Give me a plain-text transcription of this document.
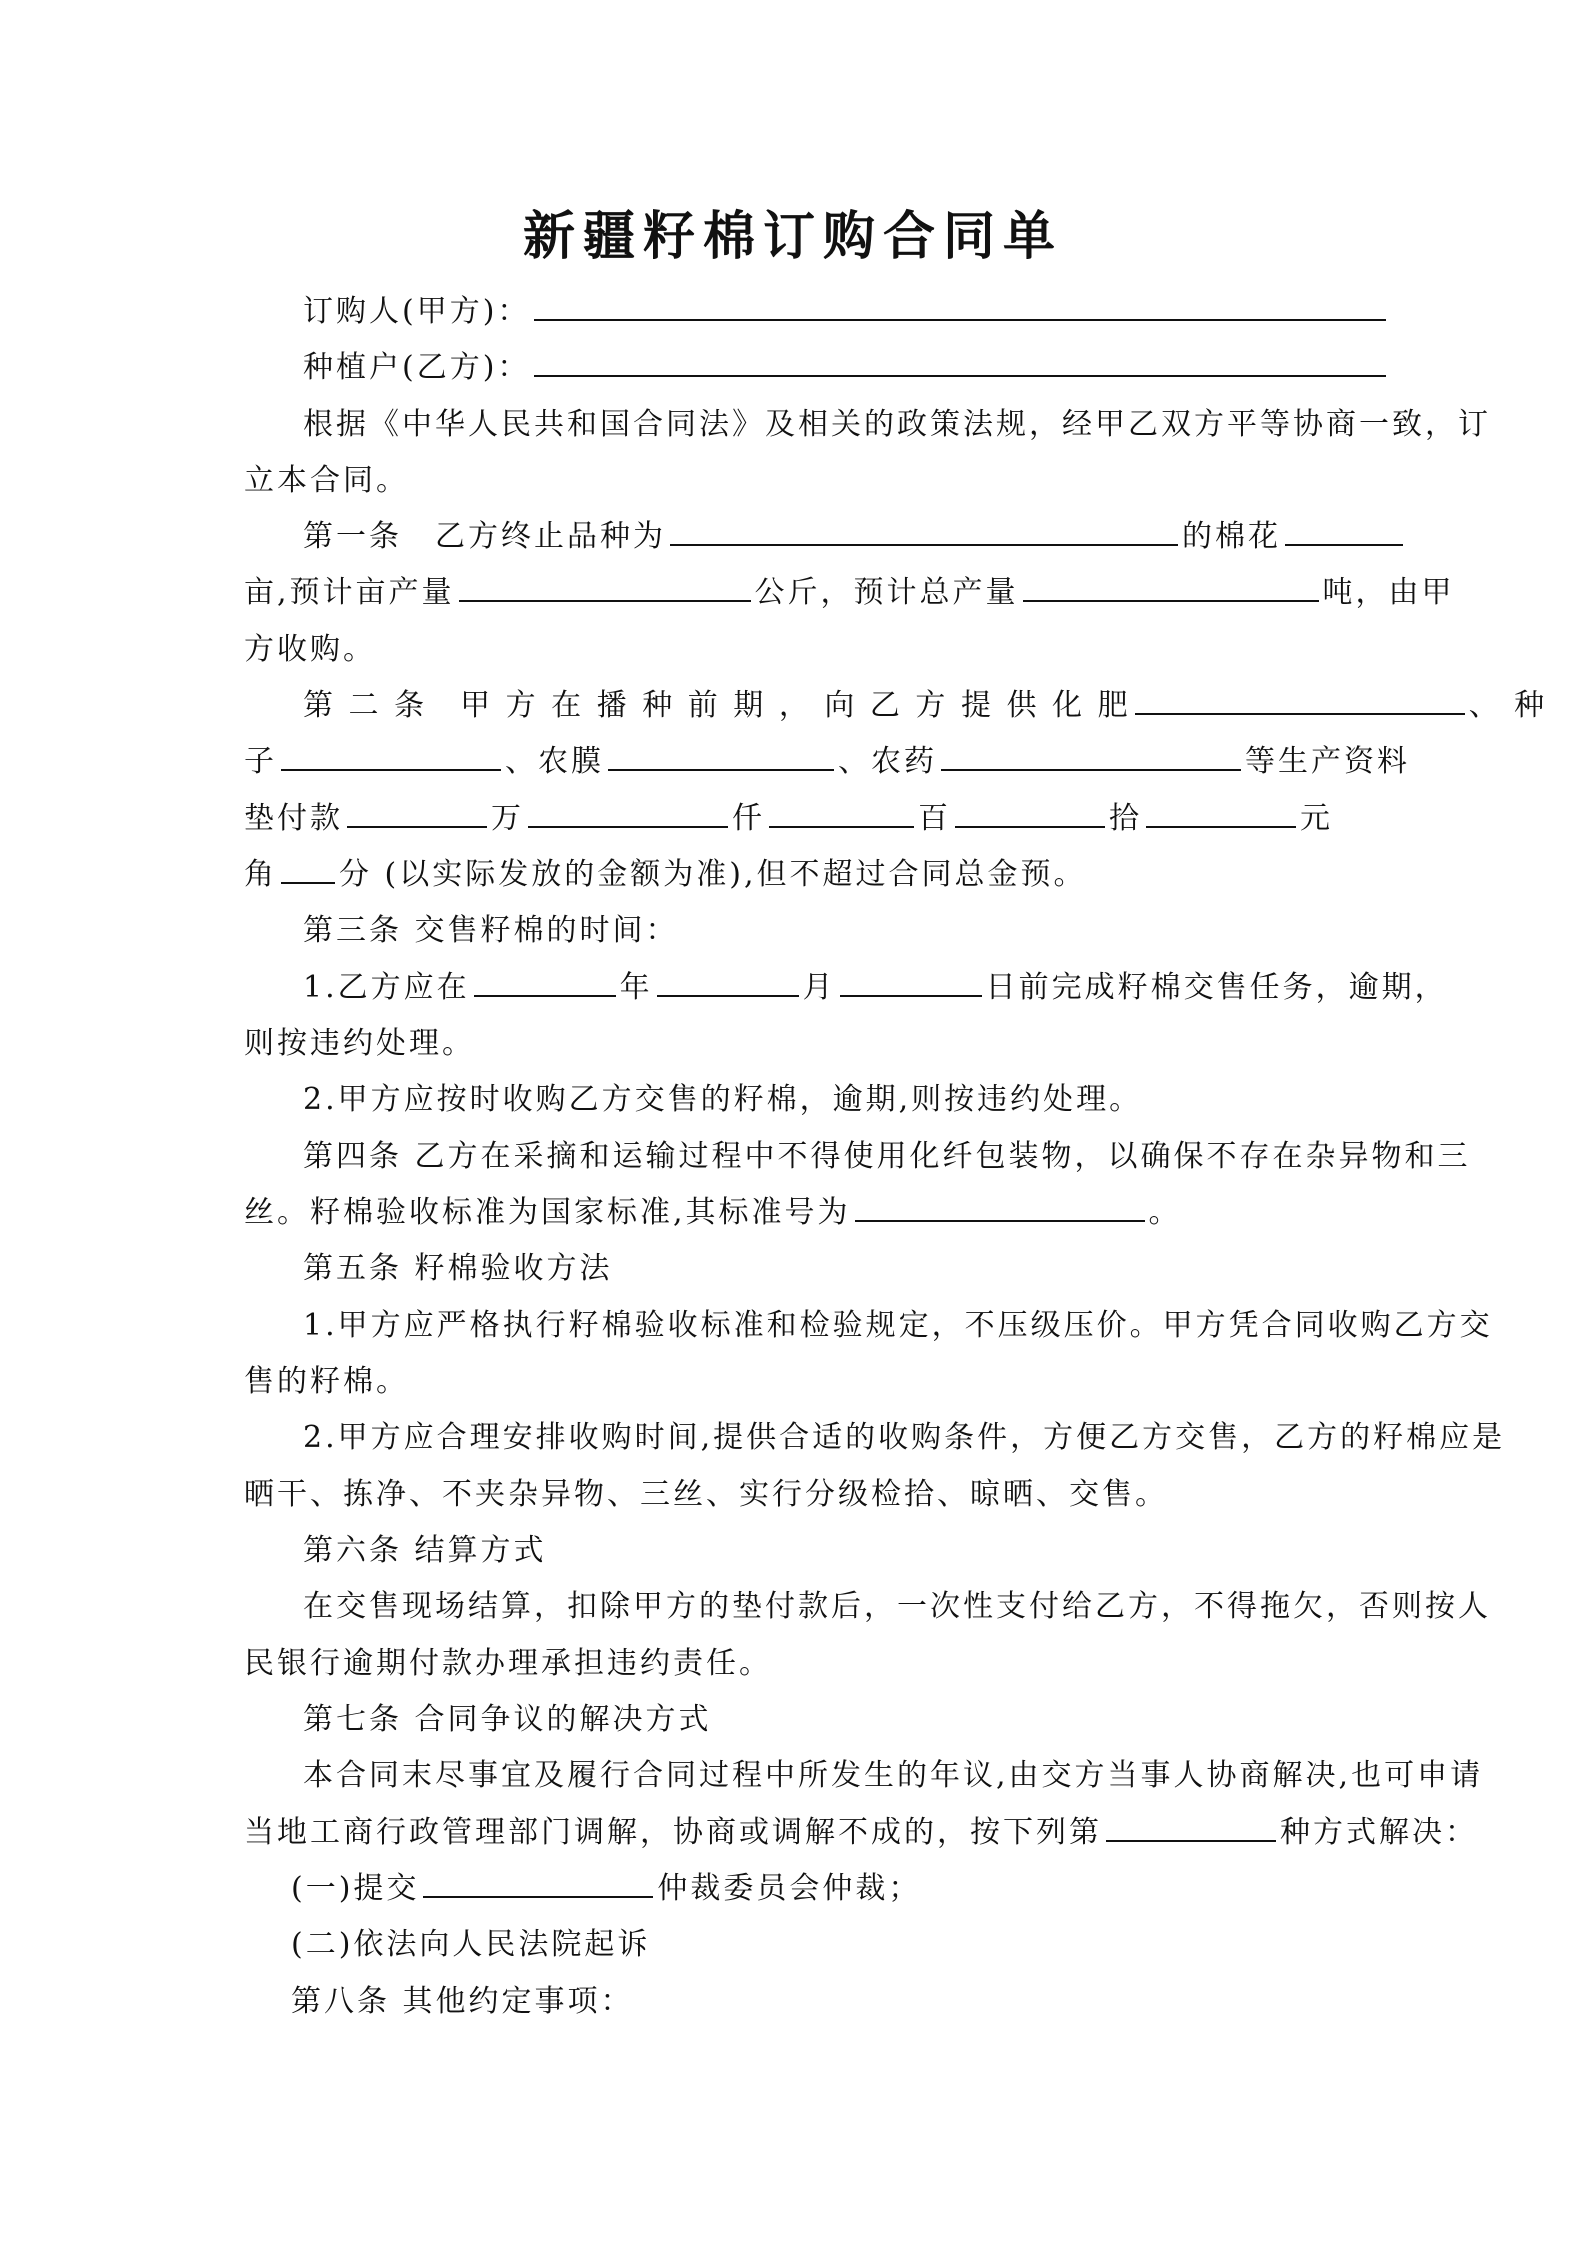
新疆籽棉订购合同单
订购人(甲方)：
种植户(乙方)：
根据《中华人民共和国合同法》及相关的政策法规，经甲乙双方平等协商一致，订
立本合同。
第一条　乙方终止品种为	的棉花
亩,预计亩产量	公斤，预计总产量	吨，由甲
方收购。
第 二 条　甲 方 在 播 种 前 期 ， 向 乙 方 提 供 化 肥	、 种
子	、农膜	、农药	等生产资料
垫付款	万	仟	百	拾	元
角 分 (以实际发放的金额为准),但不超过合同总金预。
第三条 交售籽棉的时间：
1.乙方应在	年	月	日前完成籽棉交售任务，逾期，
则按违约处理。
2.甲方应按时收购乙方交售的籽棉，逾期,则按违约处理。
第四条 乙方在采摘和运输过程中不得使用化纤包装物，以确保不存在杂异物和三
丝。籽棉验收标准为国家标准,其标准号为	。
第五条 籽棉验收方法
1.甲方应严格执行籽棉验收标准和检验规定，不压级压价。甲方凭合同收购乙方交
售的籽棉。
2.甲方应合理安排收购时间,提供合适的收购条件，方便乙方交售，乙方的籽棉应是
晒干、拣净、不夹杂异物、三丝、实行分级检拾、晾晒、交售。
第六条 结算方式
在交售现场结算，扣除甲方的垫付款后，一次性支付给乙方，不得拖欠，否则按人
民银行逾期付款办理承担违约责任。
第七条 合同争议的解决方式
本合同末尽事宜及履行合同过程中所发生的年议,由交方当事人协商解决,也可申请
当地工商行政管理部门调解，协商或调解不成的，按下列第	种方式解决：
(一)提交	仲裁委员会仲裁；
(二)依法向人民法院起诉
第八条 其他约定事项：
